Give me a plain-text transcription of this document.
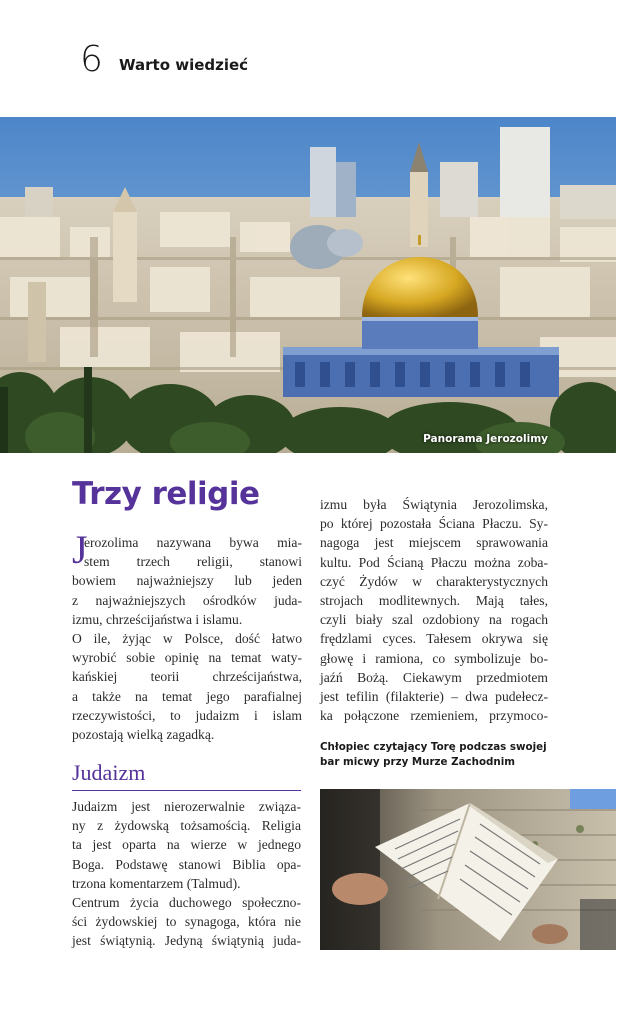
6 Warto wiedzieć
Panorama Jerozolimy
Trzy religie
J
erozolima nazywana bywa mia-
stem trzech religii, stanowi
bowiem najważniejszy lub jeden
z najważniejszych ośrodków juda-
izmu, chrześcijaństwa i islamu.
O ile, żyjąc w Polsce, dość łatwo
wyrobić sobie opinię na temat waty-
kańskiej teorii chrześcijaństwa,
a także na temat jego parafialnej
rzeczywistości, to judaizm i islam
pozostają wielką zagadką.
Judaizm
Judaizm jest nierozerwalnie związa-
ny z żydowską tożsamością. Religia
ta jest oparta na wierze w jednego
Boga. Podstawę stanowi Biblia opa-
trzona komentarzem (Talmud).
Centrum życia duchowego społeczno-
ści żydowskiej to synagoga, która nie
jest świątynią. Jedyną świątynią juda-
izmu była Świątynia Jerozolimska,
po której pozostała Ściana Płaczu. Sy-
nagoga jest miejscem sprawowania
kultu. Pod Ścianą Płaczu można zoba-
czyć Żydów w charakterystycznych
strojach modlitewnych. Mają tałes,
czyli biały szal ozdobiony na rogach
frędzlami cyces. Tałesem okrywa się
głowę i ramiona, co symbolizuje bo-
jaźń Bożą. Ciekawym przedmiotem
jest tefilin (filakterie) – dwa pudełecz-
ka połączone rzemieniem, przymoco-
Chłopiec czytający Torę podczas swojej
bar micwy przy Murze Zachodnim
